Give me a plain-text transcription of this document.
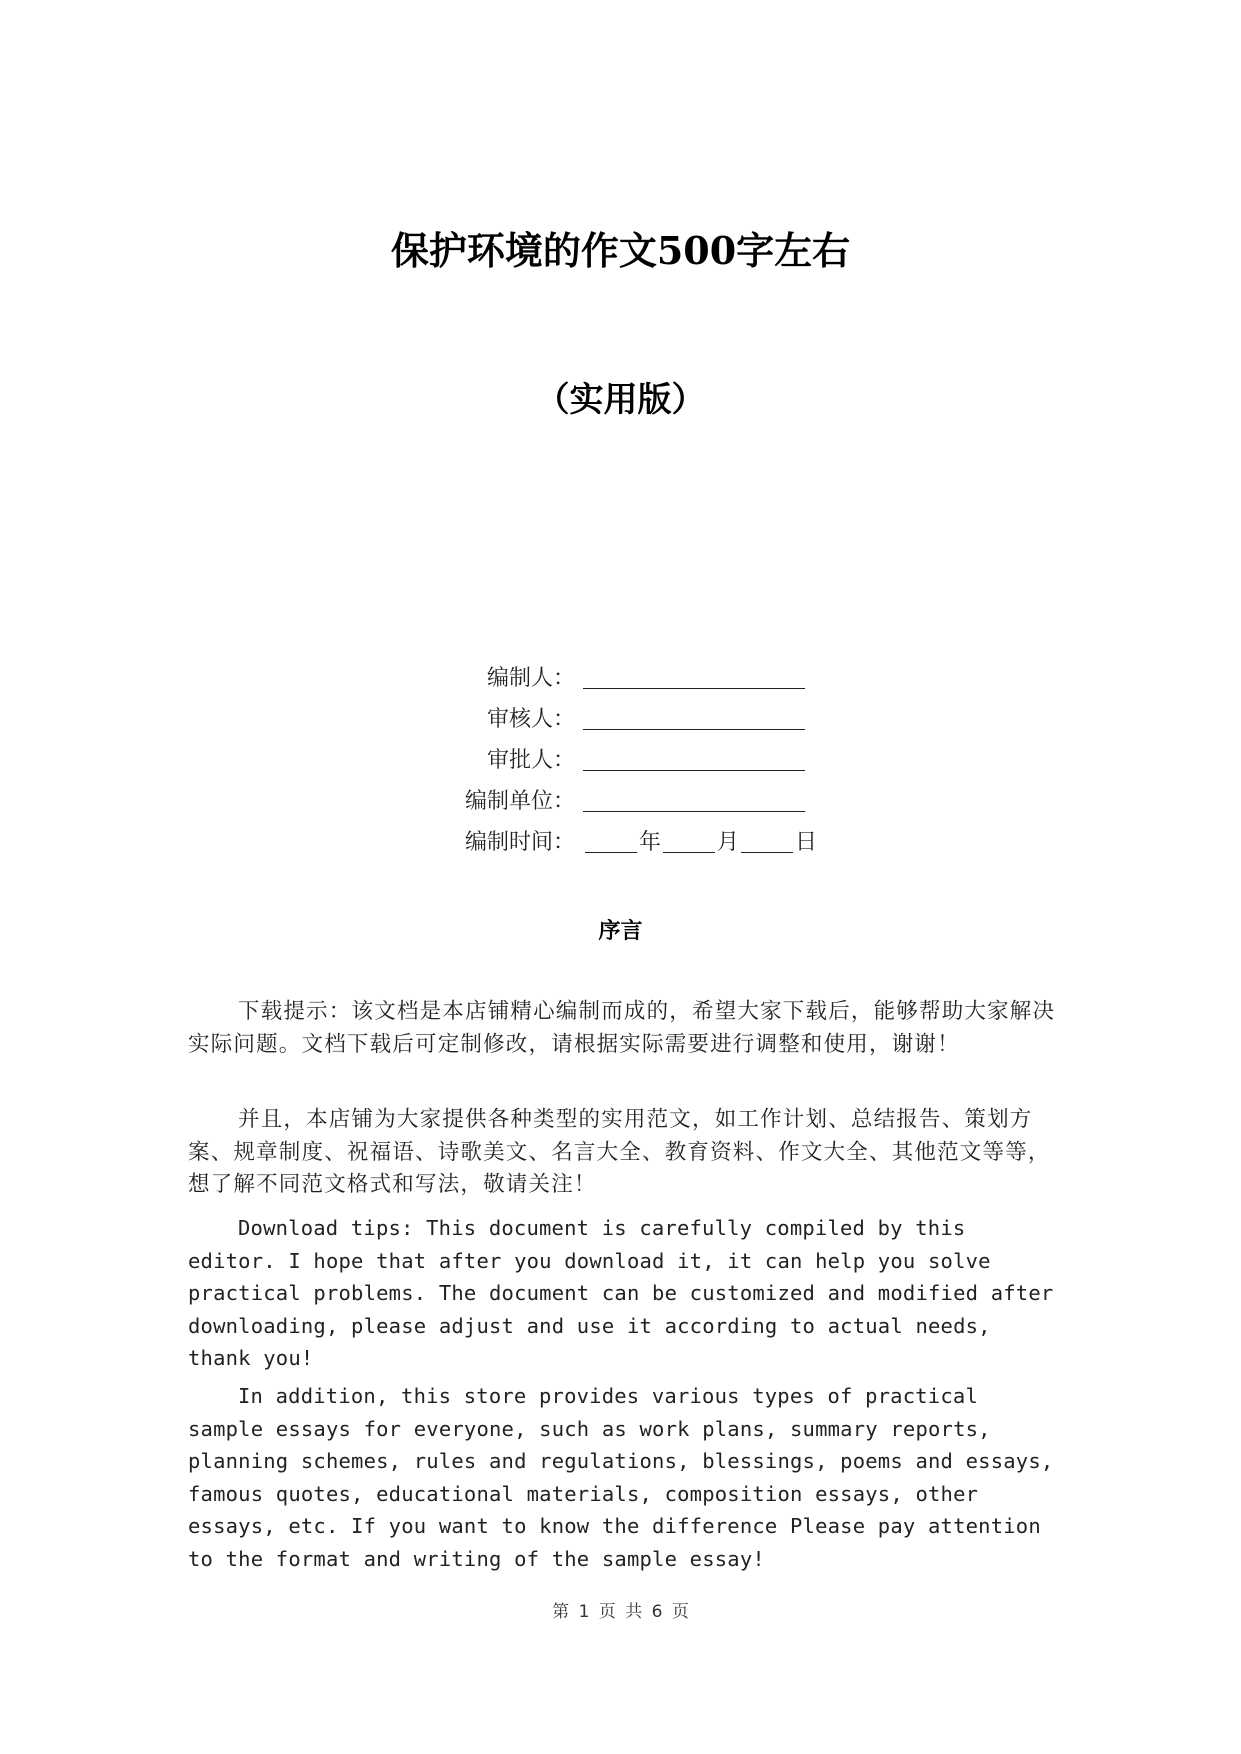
保护环境的作文500字左右
（实用版）
编制人：
审核人：
审批人：
编制单位：
编制时间：	年	月	日
序言

下载提示：该文档是本店铺精心编制而成的，希望大家下载后，能够帮助大家解决实际问题。文档下载后可定制修改，请根据实际需要进行调整和使用，谢谢！

并且，本店铺为大家提供各种类型的实用范文，如工作计划、总结报告、策划方案、规章制度、祝福语、诗歌美文、名言大全、教育资料、作文大全、其他范文等等，想了解不同范文格式和写法，敬请关注！

Download tips: This document is carefully compiled by this editor. I hope that after you download it, it can help you solve practical problems. The document can be customized and modified after downloading, please adjust and use it according to actual needs, thank you!

In addition, this store provides various types of practical sample essays for everyone, such as work plans, summary reports, planning schemes, rules and regulations, blessings, poems and essays, famous quotes, educational materials, composition essays, other essays, etc. If you want to know the difference Please pay attention to the format and writing of the sample essay!

第 1 页 共 6 页
